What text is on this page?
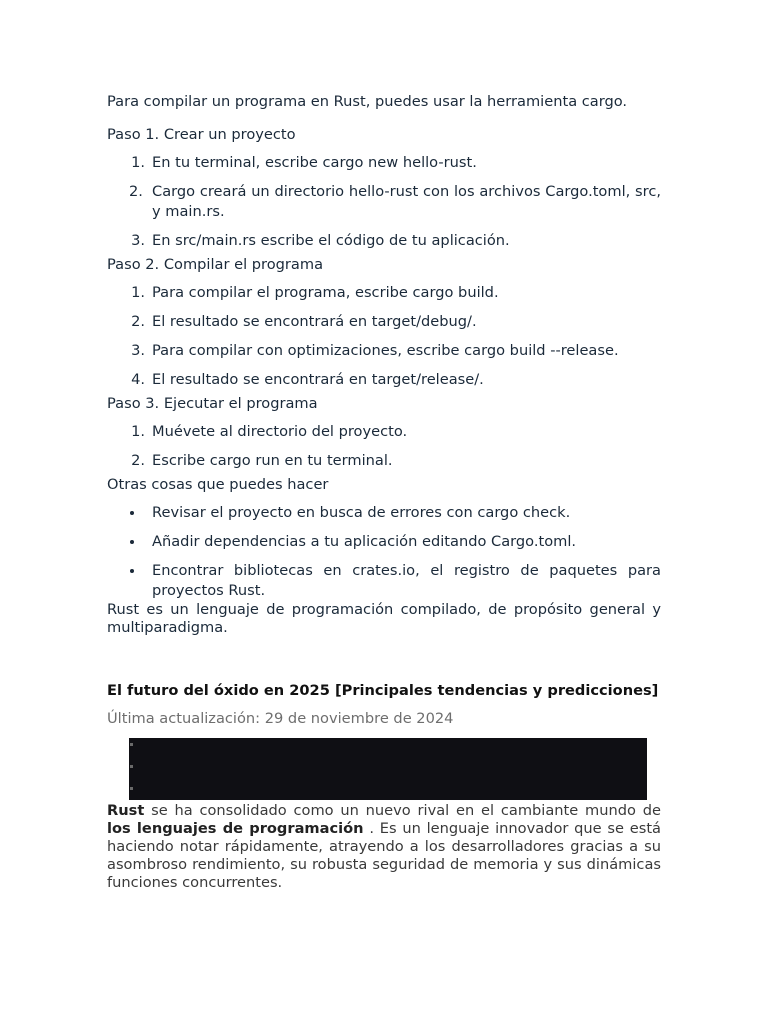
Para compilar un programa en Rust, puedes usar la herramienta cargo.

Paso 1. Crear un proyecto

1. En tu terminal, escribe cargo new hello-rust.
2. Cargo creará un directorio hello-rust con los archivos Cargo.toml, src, y main.rs.
3. En src/main.rs escribe el código de tu aplicación.

Paso 2. Compilar el programa

1. Para compilar el programa, escribe cargo build.
2. El resultado se encontrará en target/debug/.
3. Para compilar con optimizaciones, escribe cargo build --release.
4. El resultado se encontrará en target/release/.

Paso 3. Ejecutar el programa

1. Muévete al directorio del proyecto.
2. Escribe cargo run en tu terminal.

Otras cosas que puedes hacer

Revisar el proyecto en busca de errores con cargo check.
Añadir dependencias a tu aplicación editando Cargo.toml.
Encontrar bibliotecas en crates.io, el registro de paquetes para proyectos Rust.

Rust es un lenguaje de programación compilado, de propósito general y multiparadigma.

El futuro del óxido en 2025 [Principales tendencias y predicciones]

Última actualización: 29 de noviembre de 2024

Rust se ha consolidado como un nuevo rival en el cambiante mundo de los lenguajes de programación . Es un lenguaje innovador que se está haciendo notar rápidamente, atrayendo a los desarrolladores gracias a su asombroso rendimiento, su robusta seguridad de memoria y sus dinámicas funciones concurrentes.
